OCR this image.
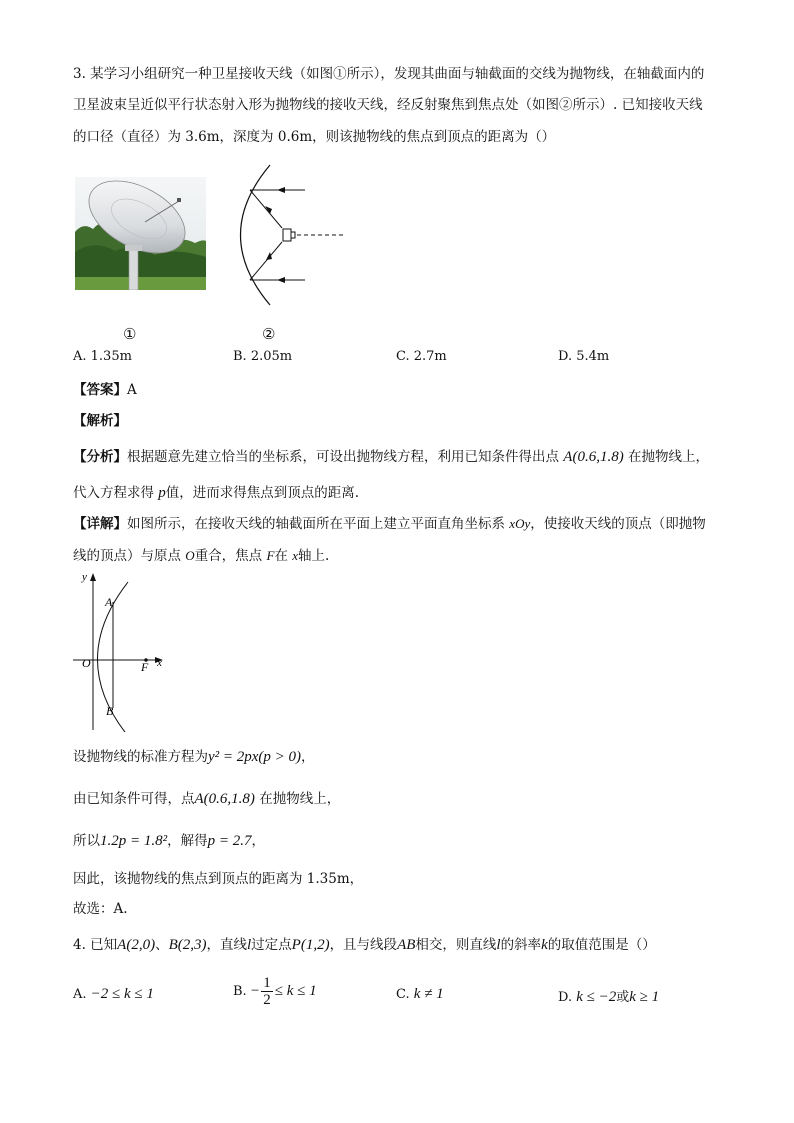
3. 某学习小组研究一种卫星接收天线（如图①所示），发现其曲面与轴截面的交线为抛物线，在轴截面内的
卫星波束呈近似平行状态射入形为抛物线的接收天线，经反射聚焦到焦点处（如图②所示）. 已知接收天线
的口径（直径）为 3.6m，深度为 0.6m，则该抛物线的焦点到顶点的距离为（）
①	②
A. 1.35m	B. 2.05m	C. 2.7m	D. 5.4m
【答案】A
【解析】
【分析】根据题意先建立恰当的坐标系，可设出抛物线方程，利用已知条件得出点 A(0.6,1.8) 在抛物线上，
代入方程求得 p值，进而求得焦点到顶点的距离.
【详解】如图所示，在接收天线的轴截面所在平面上建立平面直角坐标系 xOy，使接收天线的顶点（即抛物
线的顶点）与原点 O重合，焦点 F在 x轴上.
y
x
O
A
B
F
设抛物线的标准方程为y² = 2px(p > 0)，
由已知条件可得，点A(0.6,1.8) 在抛物线上，
所以1.2p = 1.8²，解得p = 2.7，
因此，该抛物线的焦点到顶点的距离为 1.35m，
故选：A.
4. 已知A(2,0)、B(2,3)，直线l过定点P(1,2)，且与线段AB相交，则直线l的斜率k的取值范围是（）
A. −2 ≤ k ≤ 1	B. − $\frac{1}{2} \le k \le 1$	C. k ≠ 1	D. k ≤ −2或k ≥ 1
